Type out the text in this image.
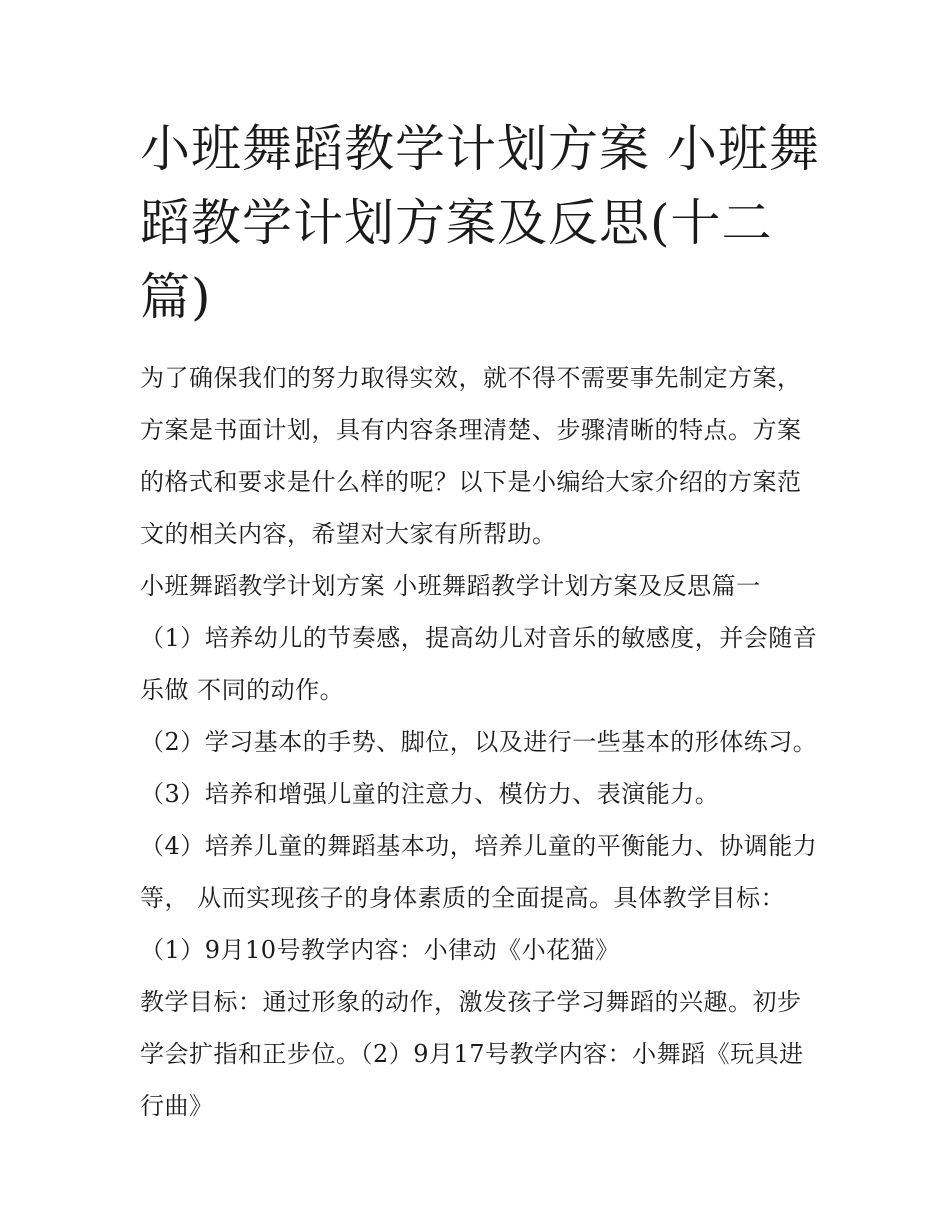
小班舞蹈教学计划方案 小班舞蹈教学计划方案及反思(十二篇)

为了确保我们的努力取得实效，就不得不需要事先制定方案，方案是书面计划，具有内容条理清楚、步骤清晰的特点。方案的格式和要求是什么样的呢？以下是小编给大家介绍的方案范文的相关内容，希望对大家有所帮助。

小班舞蹈教学计划方案 小班舞蹈教学计划方案及反思篇一

（1）培养幼儿的节奏感，提高幼儿对音乐的敏感度，并会随音乐做 不同的动作。

（2）学习基本的手势、脚位，以及进行一些基本的形体练习。（3）培养和增强儿童的注意力、模仿力、表演能力。

（4）培养儿童的舞蹈基本功，培养儿童的平衡能力、协调能力等， 从而实现孩子的身体素质的全面提高。具体教学目标：（1）9月10号教学内容：小律动《小花猫》

教学目标：通过形象的动作，激发孩子学习舞蹈的兴趣。初步学会扩指和正步位。（2）9月17号教学内容：小舞蹈《玩具进行曲》
